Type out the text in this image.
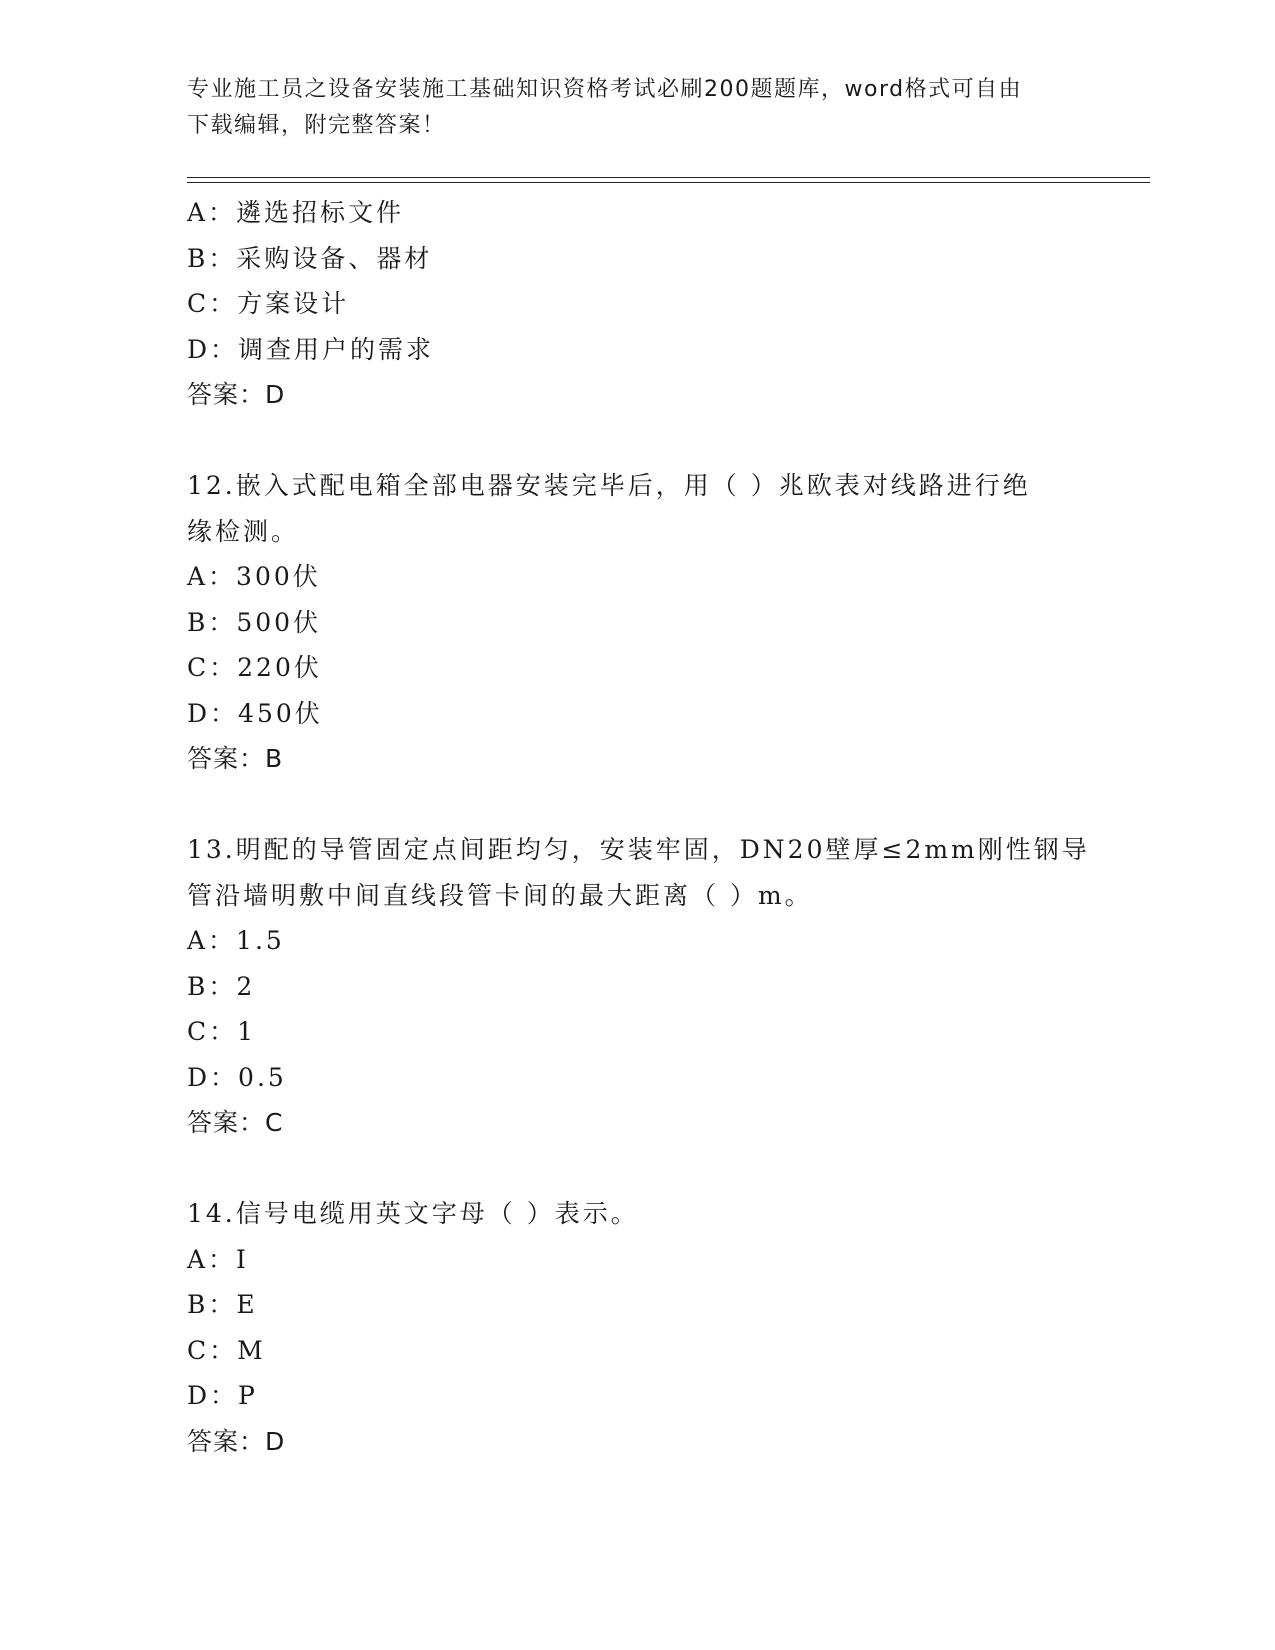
专业施工员之设备安装施工基础知识资格考试必刷200题题库，word格式可自由
下载编辑，附完整答案！
A：遴选招标文件
B：采购设备、器材
C：方案设计
D：调查用户的需求
答案：D
12.嵌入式配电箱全部电器安装完毕后，用（ ）兆欧表对线路进行绝
缘检测。
A：300伏
B：500伏
C：220伏
D：450伏
答案：B
13.明配的导管固定点间距均匀，安装牢固，DN20壁厚≤2mm刚性钢导
管沿墙明敷中间直线段管卡间的最大距离（ ）m。
A：1.5
B：2
C：1
D：0.5
答案：C
14.信号电缆用英文字母（ ）表示。
A：I
B：E
C：M
D：P
答案：D
